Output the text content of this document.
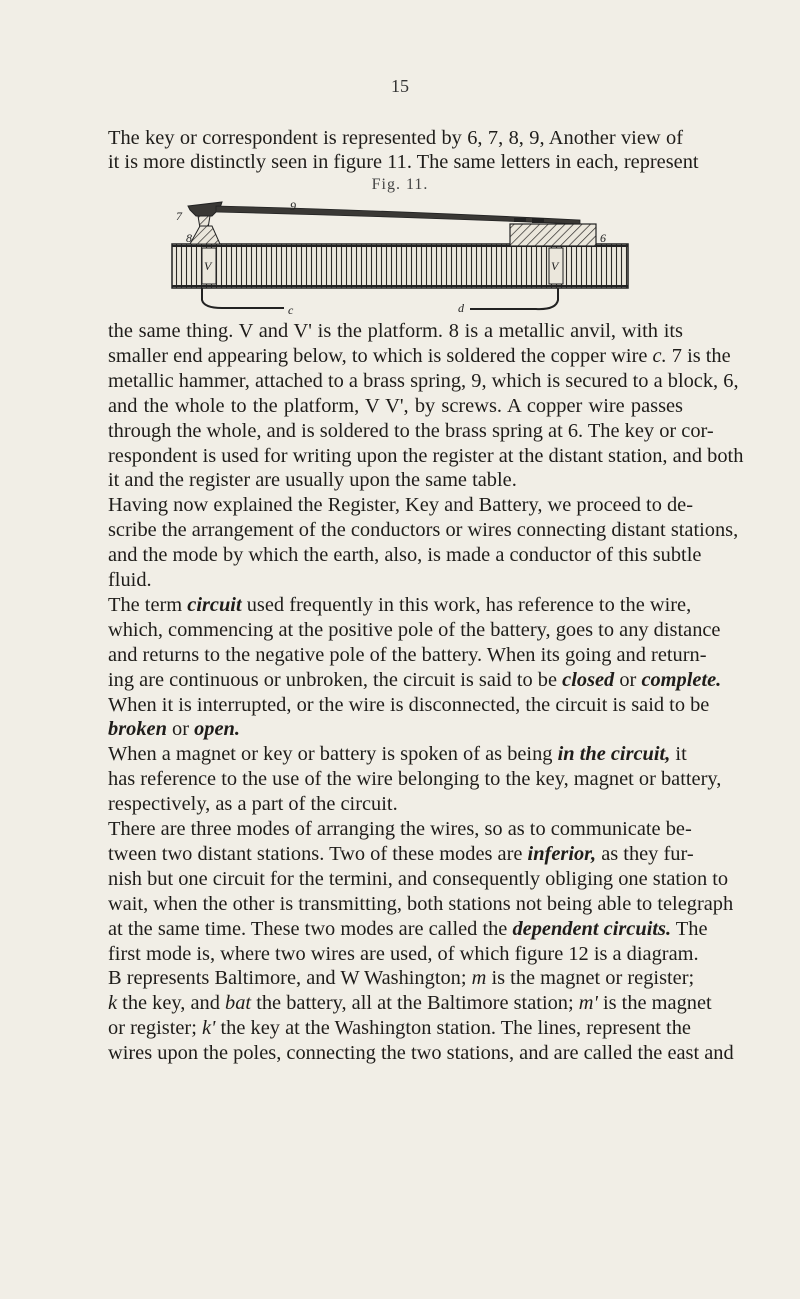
15
The key or correspondent is represented by 6, 7, 8, 9, Another view of
it is more distinctly seen in figure 11. The same letters in each, represent
Fig. 11.
7
9
8	6
V	V
c	d
the same thing. V and V' is the platform. 8 is a metallic anvil, with its
smaller end appearing below, to which is soldered the copper wire c. 7 is the
metallic hammer, attached to a brass spring, 9, which is secured to a block, 6,
and the whole to the platform, V V', by screws. A copper wire passes
through the whole, and is soldered to the brass spring at 6. The key or cor-
respondent is used for writing upon the register at the distant station, and both
it and the register are usually upon the same table.
Having now explained the Register, Key and Battery, we proceed to de-
scribe the arrangement of the conductors or wires connecting distant stations,
and the mode by which the earth, also, is made a conductor of this subtle
fluid.
The term circuit used frequently in this work, has reference to the wire,
which, commencing at the positive pole of the battery, goes to any distance
and returns to the negative pole of the battery. When its going and return-
ing are continuous or unbroken, the circuit is said to be closed or complete.
When it is interrupted, or the wire is disconnected, the circuit is said to be
broken or open.
When a magnet or key or battery is spoken of as being in the circuit, it
has reference to the use of the wire belonging to the key, magnet or battery,
respectively, as a part of the circuit.
There are three modes of arranging the wires, so as to communicate be-
tween two distant stations. Two of these modes are inferior, as they fur-
nish but one circuit for the termini, and consequently obliging one station to
wait, when the other is transmitting, both stations not being able to telegraph
at the same time. These two modes are called the dependent circuits. The
first mode is, where two wires are used, of which figure 12 is a diagram.
B represents Baltimore, and W Washington; m is the magnet or register;
k the key, and bat the battery, all at the Baltimore station; m' is the magnet
or register; k' the key at the Washington station. The lines, represent the
wires upon the poles, connecting the two stations, and are called the east and
